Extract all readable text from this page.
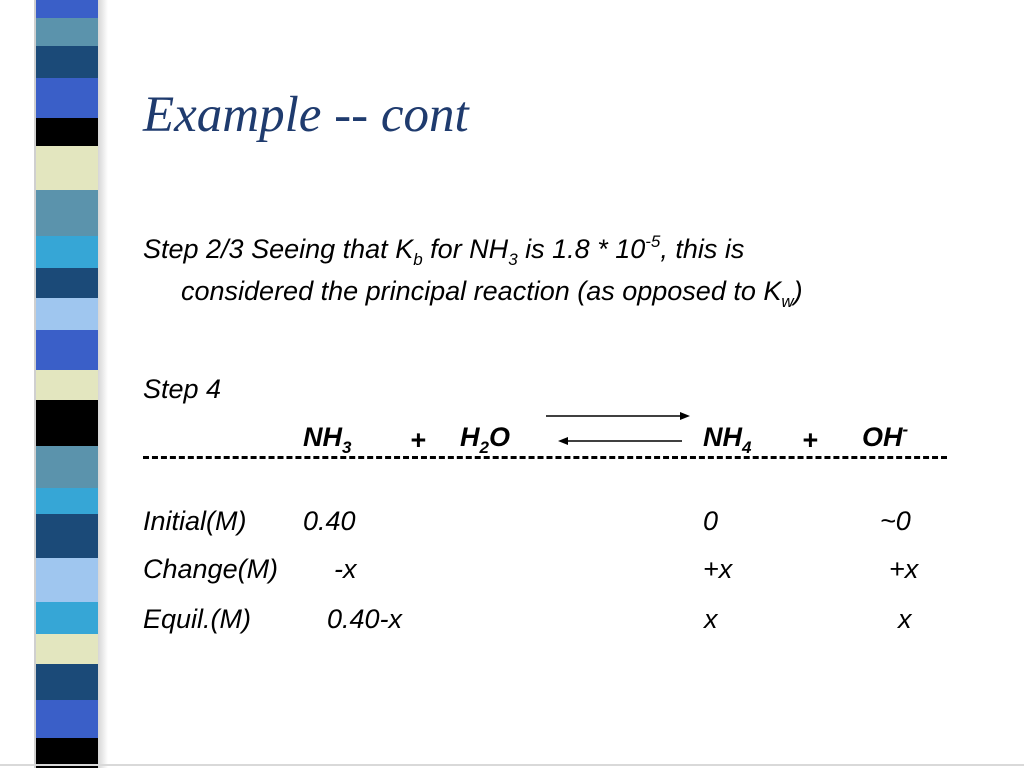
Example -- cont
Step 2/3 Seeing that $K_b$ for $NH_3$ is $1.8 * 10^{-5}$, this is
considered the principal reaction (as opposed to $K_w$)
Step 4
$NH_3 + H_2O$	$NH_4 + OH^-$
Initial(M) 0.40	0	~0
Change(M) -x	+x	+x
Equil.(M)	0.40-x	x	x
